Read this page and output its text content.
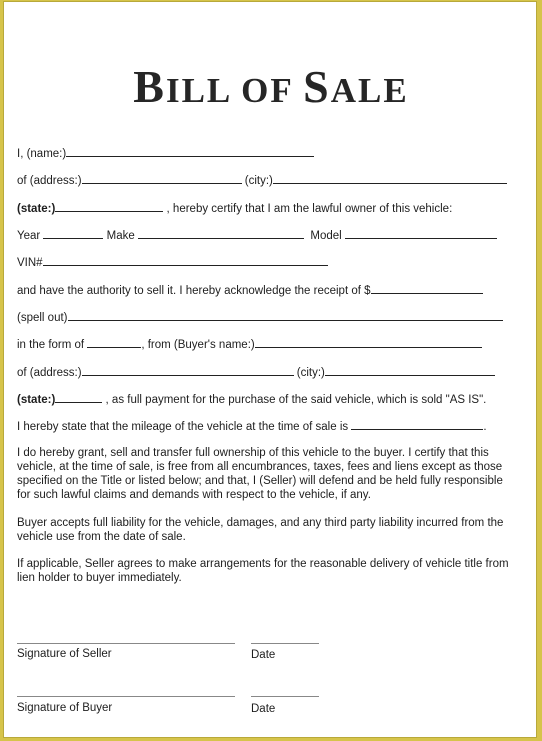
BILL OF SALE
I, (name:)
of (address:)	(city:)
(state:)	, hereby certify that I am the lawful owner of this vehicle:
Year	Make	Model
VIN#
and have the authority to sell it. I hereby acknowledge the receipt of $
(spell out)
in the form of	, from (Buyer's name:)
of (address:)	(city:)
(state:)	, as full payment for the purchase of the said vehicle, which is sold "AS IS".
I hereby state that the mileage of the vehicle at the time of sale is	.
I do hereby grant, sell and transfer full ownership of this vehicle to the buyer. I certify that this vehicle, at the time of sale, is free from all encumbrances, taxes, fees and liens except as those specified on the Title or listed below; and that, I (Seller) will defend and be held fully responsible for such lawful claims and demands with respect to the vehicle, if any.
Buyer accepts full liability for the vehicle, damages, and any third party liability incurred from the vehicle use from the date of sale.
If applicable, Seller agrees to make arrangements for the reasonable delivery of vehicle title from lien holder to buyer immediately.
Signature of Seller	Date
Signature of Buyer	Date
